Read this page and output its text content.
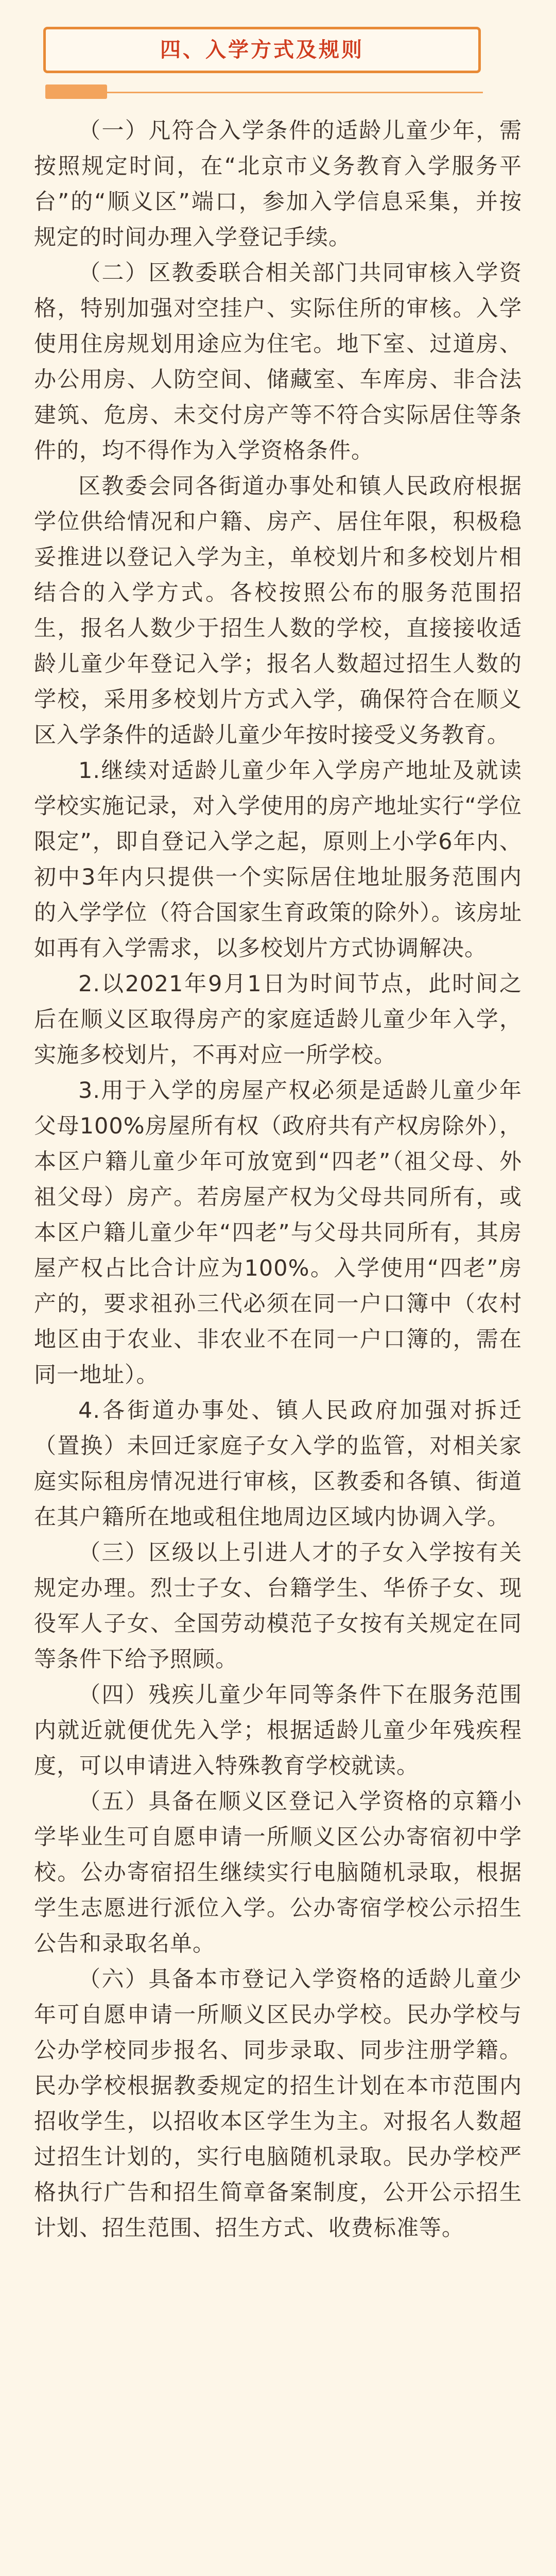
四、入学方式及规则

（一）凡符合入学条件的适龄儿童少年，需按照规定时间，在“北京市义务教育入学服务平台”的“顺义区”端口，参加入学信息采集，并按规定的时间办理入学登记手续。

（二）区教委联合相关部门共同审核入学资格，特别加强对空挂户、实际住所的审核。入学使用住房规划用途应为住宅。地下室、过道房、办公用房、人防空间、储藏室、车库房、非合法建筑、危房、未交付房产等不符合实际居住等条件的，均不得作为入学资格条件。

区教委会同各街道办事处和镇人民政府根据学位供给情况和户籍、房产、居住年限，积极稳妥推进以登记入学为主，单校划片和多校划片相结合的入学方式。各校按照公布的服务范围招生，报名人数少于招生人数的学校，直接接收适龄儿童少年登记入学；报名人数超过招生人数的学校，采用多校划片方式入学，确保符合在顺义区入学条件的适龄儿童少年按时接受义务教育。

1.继续对适龄儿童少年入学房产地址及就读学校实施记录，对入学使用的房产地址实行“学位限定”，即自登记入学之起，原则上小学6年内、初中3年内只提供一个实际居住地址服务范围内的入学学位（符合国家生育政策的除外）。该房址如再有入学需求，以多校划片方式协调解决。

2.以2021年9月1日为时间节点，此时间之后在顺义区取得房产的家庭适龄儿童少年入学，实施多校划片，不再对应一所学校。

3.用于入学的房屋产权必须是适龄儿童少年父母100%房屋所有权（政府共有产权房除外），本区户籍儿童少年可放宽到“四老”（祖父母、外祖父母）房产。若房屋产权为父母共同所有，或本区户籍儿童少年“四老”与父母共同所有，其房屋产权占比合计应为100%。入学使用“四老”房产的，要求祖孙三代必须在同一户口簿中（农村地区由于农业、非农业不在同一户口簿的，需在同一地址）。

4.各街道办事处、镇人民政府加强对拆迁（置换）未回迁家庭子女入学的监管，对相关家庭实际租房情况进行审核，区教委和各镇、街道在其户籍所在地或租住地周边区域内协调入学。

（三）区级以上引进人才的子女入学按有关规定办理。烈士子女、台籍学生、华侨子女、现役军人子女、全国劳动模范子女按有关规定在同等条件下给予照顾。

（四）残疾儿童少年同等条件下在服务范围内就近就便优先入学；根据适龄儿童少年残疾程度，可以申请进入特殊教育学校就读。

（五）具备在顺义区登记入学资格的京籍小学毕业生可自愿申请一所顺义区公办寄宿初中学校。公办寄宿招生继续实行电脑随机录取，根据学生志愿进行派位入学。公办寄宿学校公示招生公告和录取名单。

（六）具备本市登记入学资格的适龄儿童少年可自愿申请一所顺义区民办学校。民办学校与公办学校同步报名、同步录取、同步注册学籍。民办学校根据教委规定的招生计划在本市范围内招收学生，以招收本区学生为主。对报名人数超过招生计划的，实行电脑随机录取。民办学校严格执行广告和招生简章备案制度，公开公示招生计划、招生范围、招生方式、收费标准等。
